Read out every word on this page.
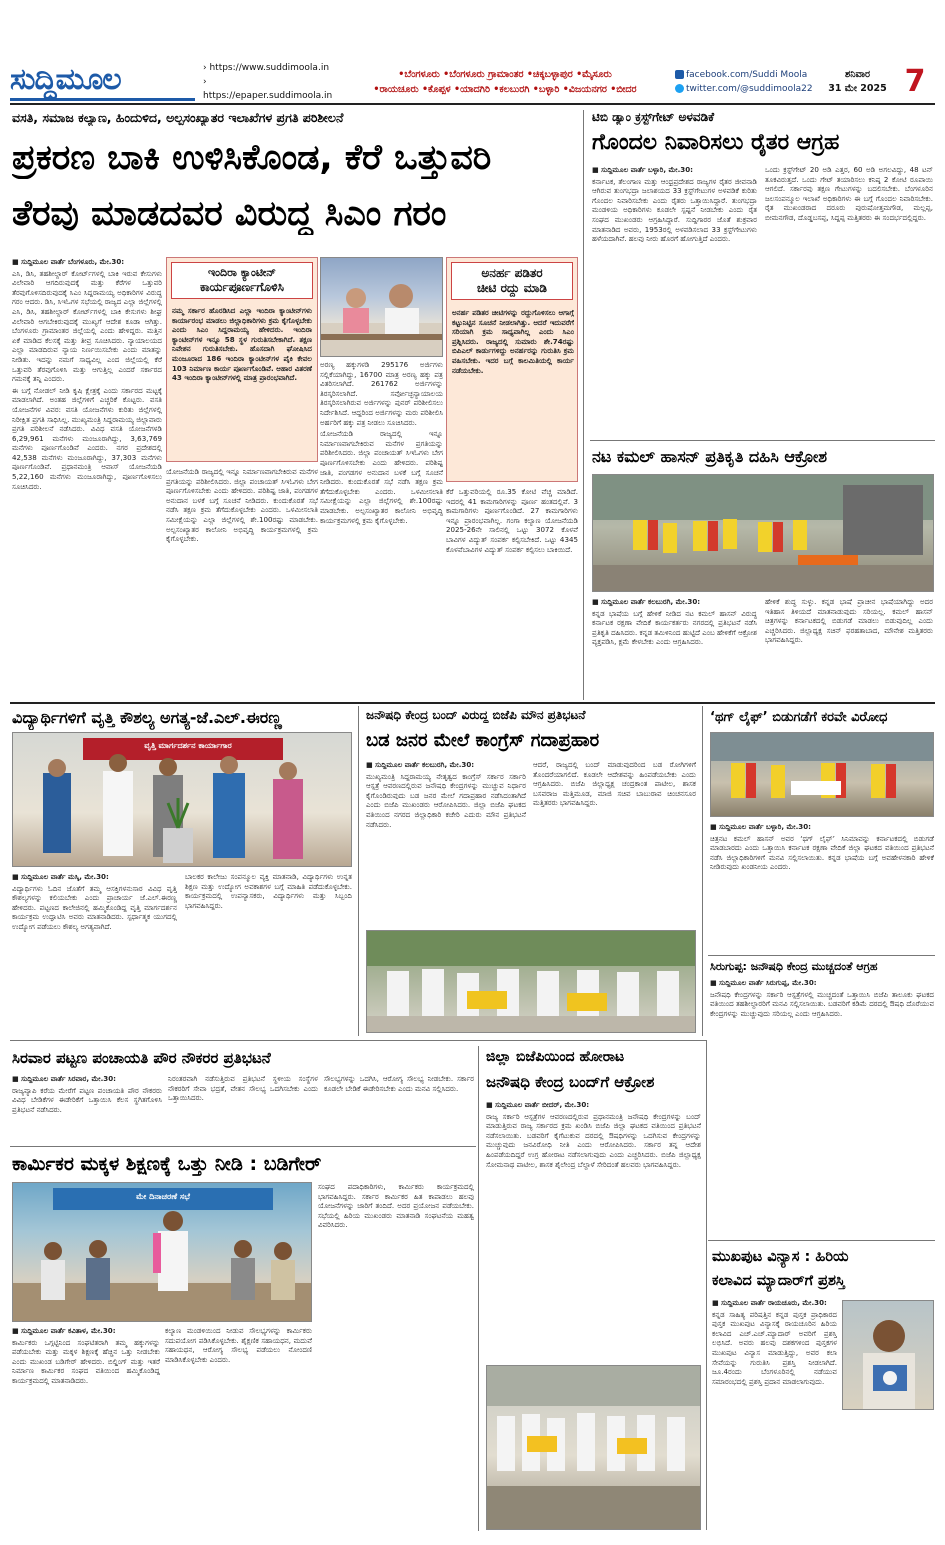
ಸುದ್ದಿಮೂಲ	› https://www.suddimoola.in
› https://epaper.suddimoola.in
•ಬೆಂಗಳೂರು •ಬೆಂಗಳೂರು ಗ್ರಾಮಾಂತರ •ಚಿಕ್ಕಬಳ್ಳಾಪುರ •ಮೈಸೂರು
•ರಾಯಚೂರು •ಕೊಪ್ಪಳ •ಯಾದಗಿರಿ •ಕಲಬುರಗಿ •ಬಳ್ಳಾರಿ •ವಿಜಯನಗರ •ಬೀದರ
facebook.com/Suddi Moola
twitter.com/@suddimoola22
ಶನಿವಾರ
31 ಮೇ 2025 7
ವಸತಿ, ಸಮಾಜ ಕಲ್ಯಾಣ, ಹಿಂದುಳಿದ, ಅಲ್ಪಸಂಖ್ಯಾತರ ಇಲಾಖೆಗಳ ಪ್ರಗತಿ ಪರಿಶೀಲನೆ
ಪ್ರಕರಣ ಬಾಕಿ ಉಳಿಸಿಕೊಂಡ, ಕೆರೆ ಒತ್ತುವರಿ
ತೆರವು ಮಾಡದವರ ವಿರುದ್ಧ ಸಿಎಂ ಗರಂ

■ ಸುದ್ದಿಮೂಲ ವಾರ್ತೆ ಬೆಂಗಳೂರು, ಮೇ.30:

ಎಸಿ, ಡಿಸಿ, ತಹಶೀಲ್ದಾರ್ ಕೋರ್ಟ್‌ಗಳಲ್ಲಿ ಬಾಕಿ ಇರುವ ಕೇಸುಗಳು ವಿಲೇವಾರಿ ಆಗದಿರುವುದಕ್ಕೆ ಮತ್ತು ಕೆರೆಗಳ ಒತ್ತುವರಿ ತೆರವುಗೊಳಿಸದಿರುವುದಕ್ಕೆ ಸಿಎಂ ಸಿದ್ದರಾಮಯ್ಯ ಅಧಿಕಾರಿಗಳ ವಿರುದ್ಧ ಗರಂ ಆದರು. ಡಿಸಿ, ಸಿಇಓಗಳ ಸಭೆಯಲ್ಲಿ ರಾಜ್ಯದ ಎಲ್ಲಾ ಜಿಲ್ಲೆಗಳಲ್ಲಿ ಎಸಿ, ಡಿಸಿ, ತಹಶೀಲ್ದಾರ್ ಕೋರ್ಟ್‌ಗಳಲ್ಲಿ ಬಾಕಿ ಕೇಸುಗಳು ಶೀಘ್ರ ವಿಲೇವಾರಿ ಆಗಬೇಕಿರುವುದಕ್ಕೆ ಮುಖ್ಯಗೆ ಆದೇಶ ಕೂಡಾ ಆಗಿತ್ತು. ಬೆಂಗಳೂರು ಗ್ರಾಮಾಂತರ ಜಿಲ್ಲೆಯಲ್ಲಿ ಎಂದು ಹೇಳಿದ್ದರು. ಮತ್ತಿನ ಏಕೆ ಮಾಡಿದ ಕೆಲಸಕ್ಕೆ ಮತ್ತು ತೀವ್ರ ಸೂಚಿಸಿದರು. ನ್ಯಾಯಾಲಯದ ಎಲ್ಲಾ ಮಾಡದಿರುವ ನ್ಯಾಯ ನಿರ್ಣಯಿಸಬೇಕು ಎಂದು ಮಾತನ್ನು ನೀಡಿತು. ಇದನ್ನು ನಮಗೆ ಸಾಧ್ಯವಿಲ್ಲ ಎಂದ ಜಿಲ್ಲೆಯಲ್ಲಿ ಕೆರೆ ಒತ್ತುವರಿ ತೆರವುಗೊಳಿಸಿ ಮತ್ತು ಆಗುತ್ತಿಲ್ಲ ಎಂದರೆ ಸರ್ಕಾರದ ಗಮನಕ್ಕೆ ತನ್ನಿ ಎಂದರು.

ಈ ಬಗ್ಗೆ ನೋಡಲ್ ನೀಡಿ ಕೃಷಿ ಕ್ಷೇತ್ರಕ್ಕೆ ಎಂದು ಸರ್ಕಾರದ ಮಟ್ಟಕ್ಕೆ ಮಾಡಲಾಗಿದೆ. ಅಂತಹ ಜಿಲ್ಲೆಗಳಿಗೆ ಎಚ್ಚರಿಕೆ ಕೊಟ್ಟರು. ವಸತಿ ಯೋಜನೆಗಳ ವಿವರ: ವಸತಿ ಯೋಜನೆಗಳು ಕುರಿತು ಜಿಲ್ಲೆಗಳಲ್ಲಿ ನಿರೀಕ್ಷಿತ ಪ್ರಗತಿ ಸಾಧಿಸಿಲ್ಲ. ಮುಖ್ಯಮಂತ್ರಿ ಸಿದ್ದರಾಮಯ್ಯ ಜಿಲ್ಲಾವಾರು ಪ್ರಗತಿ ಪರಿಶೀಲನೆ ನಡೆಸಿದರು. ವಿವಿಧ ವಸತಿ ಯೋಜನೆಗಳಡಿ 6,29,961 ಮನೆಗಳು ಮಂಜೂರಾಗಿದ್ದು, 3,63,769 ಮನೆಗಳು ಪೂರ್ಣಗೊಂಡಿವೆ ಎಂದರು. ನಗರ ಪ್ರದೇಶದಲ್ಲಿ 42,538 ಮನೆಗಳು ಮಂಜೂರಾಗಿದ್ದು, 37,303 ಮನೆಗಳು ಪೂರ್ಣಗೊಂಡಿವೆ. ಪ್ರಧಾನಮಂತ್ರಿ ಆವಾಸ್ ಯೋಜನೆಯಡಿ 5,22,160 ಮನೆಗಳು ಮಂಜೂರಾಗಿದ್ದು, ಪೂರ್ಣಗೊಳಿಸಲು ಸೂಚಿಸಿದರು.

ಇಂದಿರಾ ಕ್ಯಾಂಟೀನ್
ಕಾರ್ಯಪೂರ್ಣಗೊಳಿಸಿ
ನಮ್ಮ ಸರ್ಕಾರ ಹೊರಡಿಸಿದ ಎಲ್ಲಾ ಇಂದಿರಾ ಕ್ಯಾಂಟೀನ್‌ಗಳು ಕಾರ್ಯಾರಂಭ ಮಾಡಲು ಜಿಲ್ಲಾಧಿಕಾರಿಗಳು ಕ್ರಮ ಕೈಗೊಳ್ಳಬೇಕು ಎಂದು ಸಿಎಂ ಸಿದ್ದರಾಮಯ್ಯ ಹೇಳಿದರು. ಇಂದಿರಾ ಕ್ಯಾಂಟೀನ್‌ಗಳ ಇನ್ನೂ 58 ಸ್ಥಳ ಗುರುತಿಸಬೇಕಾಗಿದೆ. ತಕ್ಷಣ ನಿವೇಶನ ಗುರುತಿಸಬೇಕು. ಹೊಸದಾಗಿ ಘೋಷಿಸಿದ ಮಂಜೂರಾದ 186 ಇಂದಿರಾ ಕ್ಯಾಂಟೀನ್‌ಗಳ ಪೈಕಿ ಕೇವಲ 103 ನಿರ್ಮಾಣ ಕಾರ್ಯ ಪೂರ್ಣಗೊಂಡಿವೆ. ಆಹಾರ ವಿತರಣೆ 43 ಇಂದಿರಾ ಕ್ಯಾಂಟೀನ್‌ಗಳಲ್ಲಿ ಮಾತ್ರ ಪ್ರಾರಂಭವಾಗಿದೆ.

ಅರಣ್ಯ ಹಕ್ಕುಗಳಡಿ 295176 ಅರ್ಜಿಗಳು ಸಲ್ಲಿಕೆಯಾಗಿದ್ದು, 16700 ಮಾತ್ರ ಅರಣ್ಯ ಹಕ್ಕು ಪತ್ರ ವಿತರಿಸಲಾಗಿದೆ. 261762 ಅರ್ಜಿಗಳನ್ನು ತಿರಸ್ಕರಿಸಲಾಗಿದೆ. ಸರ್ವೋಚ್ಛನ್ಯಾಯಾಲಯ ತಿರಸ್ಕರಿಸಲಾಗಿರುವ ಅರ್ಜಿಗಳನ್ನು ಪುನರ್ ಪರಿಶೀಲಿಸಲು ನಿರ್ದೇಶಿಸಿದೆ. ಆದ್ದರಿಂದ ಅರ್ಜಿಗಳನ್ನು ಮರು ಪರಿಶೀಲಿಸಿ ಅರ್ಹರಿಗೆ ಹಕ್ಕು ಪತ್ರ ನೀಡಲು ಸೂಚಿಸಿದರು.

ಯೋಜನೆಯಡಿ ರಾಜ್ಯದಲ್ಲಿ ಇನ್ನೂ ನಿರ್ಮಾಣವಾಗಬೇಕಿರುವ ಮನೆಗಳ ಪ್ರಗತಿಯನ್ನು ಪರಿಶೀಲಿಸಿದರು. ಜಿಲ್ಲಾ ಪಂಚಾಯತ್ ಸಿಇಓಗಳು ಬೇಗ ಪೂರ್ಣಗೊಳಿಸಬೇಕು ಎಂದು ಹೇಳಿದರು. ಪರಿಶಿಷ್ಟ ಜಾತಿ, ಪಂಗಡಗಳ ಅನುದಾನ ಬಳಕೆ ಬಗ್ಗೆ ಸೂಚನೆ ನೀಡಿದರು. ಕುಂದುಕೊರತೆ ಸಭೆ ನಡೆಸಿ ತಕ್ಷಣ ಕ್ರಮ ತೆಗೆದುಕೊಳ್ಳಬೇಕು ಎಂದರು. ಒಳಮೀಸಲಾತಿ ಸಮೀಕ್ಷೆಯನ್ನು ಎಲ್ಲಾ ಜಿಲ್ಲೆಗಳಲ್ಲಿ ಶೇ.100ರಷ್ಟು ಮಾಡಬೇಕು. ಅಲ್ಪಸಂಖ್ಯಾತರ ಕಾಲೋನಿ ಅಭಿವೃದ್ಧಿ ಕಾರ್ಯಕ್ರಮಗಳಲ್ಲಿ ಕ್ರಮ ಕೈಗೊಳ್ಳಬೇಕು.

ಯೋಜನೆಯಡಿ ರಾಜ್ಯದಲ್ಲಿ ಇನ್ನೂ ನಿರ್ಮಾಣವಾಗಬೇಕಿರುವ ಮನೆಗಳ ಪ್ರಗತಿಯನ್ನು ಪರಿಶೀಲಿಸಿದರು. ಜಿಲ್ಲಾ ಪಂಚಾಯತ್ ಸಿಇಓಗಳು ಬೇಗ ಪೂರ್ಣಗೊಳಿಸಬೇಕು ಎಂದು ಹೇಳಿದರು. ಪರಿಶಿಷ್ಟ ಜಾತಿ, ಪಂಗಡಗಳ ಅನುದಾನ ಬಳಕೆ ಬಗ್ಗೆ ಸೂಚನೆ ನೀಡಿದರು. ಕುಂದುಕೊರತೆ ಸಭೆ ನಡೆಸಿ ತಕ್ಷಣ ಕ್ರಮ ತೆಗೆದುಕೊಳ್ಳಬೇಕು ಎಂದರು. ಒಳಮೀಸಲಾತಿ ಸಮೀಕ್ಷೆಯನ್ನು ಎಲ್ಲಾ ಜಿಲ್ಲೆಗಳಲ್ಲಿ ಶೇ.100ರಷ್ಟು ಮಾಡಬೇಕು. ಅಲ್ಪಸಂಖ್ಯಾತರ ಕಾಲೋನಿ ಅಭಿವೃದ್ಧಿ ಕಾರ್ಯಕ್ರಮಗಳಲ್ಲಿ ಕ್ರಮ ಕೈಗೊಳ್ಳಬೇಕು.

ಅನರ್ಹ ಪಡಿತರ
ಚೀಟಿ ರದ್ದು ಮಾಡಿ
ಅನರ್ಹ ಪಡಿತರ ಚೀಟಿಗಳನ್ನು ರದ್ದುಗೊಳಿಸಲು ಆಗಾಗ್ಗೆ ಕಟ್ಟುನಿಟ್ಟಿನ ಸೂಚನೆ ನೀಡಲಾಗಿತ್ತು. ಆದರೆ ಇದುವರೆಗೆ ಸರಿಯಾಗಿ ಕ್ರಮ ಸಾಧ್ಯವಾಗಿಲ್ಲ ಎಂದು ಸಿಎಂ ಪ್ರಶ್ನಿಸಿದರು. ರಾಜ್ಯದಲ್ಲಿ ಸುಮಾರು ಶೇ.74ರಷ್ಟು ಬಿಪಿಎಲ್ ಕಾರ್ಡುಗಳಿದ್ದು ಅನರ್ಹರನ್ನು ಗುರುತಿಸಿ ಕ್ರಮ ವಹಿಸಬೇಕು. ಇದರ ಬಗ್ಗೆ ಕಾಲಮಿತಿಯಲ್ಲಿ ಕಾರ್ಯ ನಡೆಯಬೇಕು.
ಕೆರೆ ಒತ್ತುವರಿಯಲ್ಲಿ ರೂ.35 ಕೋಟಿ ವೆಚ್ಚ ಮಾಡಿದೆ. ಇದರಲ್ಲಿ 41 ಕಾಮಗಾರಿಗಳನ್ನು ಪೂರ್ಣ ಹಂತದಲ್ಲಿವೆ. 3 ಕಾಮಗಾರಿಗಳು ಪೂರ್ಣಗೊಂಡಿದೆ. 27 ಕಾಮಗಾರಿಗಳು ಇನ್ನೂ ಪ್ರಾರಂಭವಾಗಿಲ್ಲ. ಗಂಗಾ ಕಲ್ಯಾಣ ಯೋಜನೆಯಡಿ 2025-26ನೇ ಸಾಲಿನಲ್ಲಿ ಒಟ್ಟು 3072 ಕೊಳವೆ ಬಾವಿಗಳ ವಿದ್ಯುತ್ ಸಂಪರ್ಕ ಕಲ್ಪಿಸಬೇಕಿದೆ. ಒಟ್ಟು 4345 ಕೊಳವೆಬಾವಿಗಳ ವಿದ್ಯುತ್ ಸಂಪರ್ಕ ಕಲ್ಪಿಸಲು ಬಾಕಿಯಿದೆ.
ಟಿಬಿ ಡ್ಯಾಂ ಕ್ರಸ್ಟ್‌ಗೇಟ್ ಅಳವಡಿಕೆ
ಗೊಂದಲ ನಿವಾರಿಸಲು ರೈತರ ಆಗ್ರಹ

■ ಸುದ್ದಿಮೂಲ ವಾರ್ತೆ ಬಳ್ಳಾರಿ, ಮೇ.30:

ಕರ್ನಾಟಕ, ತೆಲಂಗಾಣ ಮತ್ತು ಆಂಧ್ರಪ್ರದೇಶದ ರಾಜ್ಯಗಳ ರೈತರ ಜೀವನಾಡಿ ಆಗಿರುವ ತುಂಗಭದ್ರಾ ಜಲಾಶಯದ 33 ಕ್ರಸ್ಟ್‌ಗೇಟುಗಳ ಅಳವಡಿಕೆ ಕುರಿತು ಗೊಂದಲ ನಿವಾರಿಸಬೇಕು ಎಂದು ರೈತರು ಒತ್ತಾಯಿಸಿದ್ದಾರೆ. ತುಂಗಭದ್ರಾ ಮಂಡಳಿಯ ಅಧಿಕಾರಿಗಳು ಕೂಡಲೇ ಸ್ಪಷ್ಟನೆ ನೀಡಬೇಕು ಎಂದು ರೈತ ಸಂಘದ ಮುಖಂಡರು ಆಗ್ರಹಿಸಿದ್ದಾರೆ. ಸುದ್ದಿಗಾರರ ಜೊತೆ ಶುಕ್ರವಾರ ಮಾತನಾಡಿದ ಅವರು, 1953ರಲ್ಲಿ ಅಳವಡಿಸಲಾದ 33 ಕ್ರಸ್ಟ್‌ಗೇಟುಗಳು ಹಳೆಯದಾಗಿವೆ. ಹಲವು ನೀರು ಹೊರಗೆ ಹೋಗುತ್ತಿದೆ ಎಂದರು.

ಒಂದು ಕ್ರಸ್ಟ್‌ಗೇಟ್ 20 ಅಡಿ ಎತ್ತರ, 60 ಅಡಿ ಅಗಲವಿದ್ದು, 48 ಟನ್ ತೂಕವಿರುತ್ತದೆ. ಒಂದು ಗೇಟ್ ತಯಾರಿಸಲು ಕನಿಷ್ಠ 2 ಕೋಟಿ ರೂಪಾಯಿ ಆಗಲಿದೆ. ಸರ್ಕಾರವು ತಕ್ಷಣ ಗೇಟುಗಳನ್ನು ಬದಲಿಸಬೇಕು. ಬೆಂಗಳೂರಿನ ಜಲಸಂಪನ್ಮೂಲ ಇಲಾಖೆ ಅಧಿಕಾರಿಗಳು ಈ ಬಗ್ಗೆ ಗೊಂದಲ ನಿವಾರಿಸಬೇಕು. ರೈತ ಮುಖಂಡರಾದ ದರೂರು ಪುರುಷೋತ್ತಮಗೌಡ, ಮಲ್ಲಪ್ಪ, ಬೀಮನಗೌಡ, ದೊಡ್ಡಬಸಪ್ಪ, ಸಿದ್ದಪ್ಪ ಮತ್ತಿತರರು ಈ ಸಂದರ್ಭದಲ್ಲಿದ್ದರು.
ನಟ ಕಮಲ್ ಹಾಸನ್ ಪ್ರತಿಕೃತಿ ದಹಿಸಿ ಆಕ್ರೋಶ

■ ಸುದ್ದಿಮೂಲ ವಾರ್ತೆ ಕಲಬುರಗಿ, ಮೇ.30:

ಕನ್ನಡ ಭಾಷೆಯ ಬಗ್ಗೆ ಹೇಳಿಕೆ ನೀಡಿದ ನಟ ಕಮಲ್ ಹಾಸನ್ ವಿರುದ್ಧ ಕರ್ನಾಟಕ ರಕ್ಷಣಾ ವೇದಿಕೆ ಕಾರ್ಯಕರ್ತರು ನಗರದಲ್ಲಿ ಪ್ರತಿಭಟನೆ ನಡೆಸಿ ಪ್ರತಿಕೃತಿ ದಹಿಸಿದರು. ಕನ್ನಡ ತಮಿಳಿನಿಂದ ಹುಟ್ಟಿದೆ ಎಂಬ ಹೇಳಿಕೆಗೆ ಆಕ್ರೋಶ ವ್ಯಕ್ತಪಡಿಸಿ, ಕ್ಷಮೆ ಕೇಳಬೇಕು ಎಂದು ಆಗ್ರಹಿಸಿದರು.

ಹೇಳಿಕೆ ಶುದ್ಧ ಸುಳ್ಳು. ಕನ್ನಡ ಭಾಷೆ ಪ್ರಾಚೀನ ಭಾಷೆಯಾಗಿದ್ದು ಅದರ ಇತಿಹಾಸ ತಿಳಿಯದೆ ಮಾತನಾಡುವುದು ಸರಿಯಲ್ಲ. ಕಮಲ್ ಹಾಸನ್ ಚಿತ್ರಗಳನ್ನು ಕರ್ನಾಟಕದಲ್ಲಿ ಬಿಡುಗಡೆ ಮಾಡಲು ಬಿಡುವುದಿಲ್ಲ ಎಂದು ಎಚ್ಚರಿಸಿದರು. ಜಿಲ್ಲಾಧ್ಯಕ್ಷ ಸಚಿನ್ ಫರಹತಾಬಾದ, ಮೌನೇಶ ಮತ್ತಿತರರು ಭಾಗವಹಿಸಿದ್ದರು.
ವಿದ್ಯಾರ್ಥಿಗಳಿಗೆ ವೃತ್ತಿ ಕೌಶಲ್ಯ ಅಗತ್ಯ-ಜೆ.ಎಲ್.ಈರಣ್ಣ
ವೃತ್ತಿ ಮಾರ್ಗದರ್ಶನ ಕಾರ್ಯಾಗಾರ

■ ಸುದ್ದಿಮೂಲ ವಾರ್ತೆ ಮಸ್ಕಿ, ಮೇ.30:

ವಿದ್ಯಾರ್ಥಿಗಳು ಓದಿನ ಜೊತೆಗೆ ತಮ್ಮ ಆಸಕ್ತಿಗಳನುಸಾರ ವಿವಿಧ ವೃತ್ತಿ ಕೌಶಲ್ಯಗಳನ್ನು ಕಲಿಯಬೇಕು ಎಂದು ಪ್ರಾಚಾರ್ಯ ಜೆ.ಎಲ್.ಈರಣ್ಣ ಹೇಳಿದರು. ಪಟ್ಟಣದ ಕಾಲೇಜಿನಲ್ಲಿ ಹಮ್ಮಿಕೊಂಡಿದ್ದ ವೃತ್ತಿ ಮಾರ್ಗದರ್ಶನ ಕಾರ್ಯಕ್ರಮ ಉದ್ಘಾಟಿಸಿ ಅವರು ಮಾತನಾಡಿದರು. ಸ್ಪರ್ಧಾತ್ಮಕ ಯುಗದಲ್ಲಿ ಉದ್ಯೋಗ ಪಡೆಯಲು ಕೌಶಲ್ಯ ಅಗತ್ಯವಾಗಿದೆ.

ಬಾಲಕರ ಕಾಲೇಜು ಸಂಪನ್ಮೂಲ ವ್ಯಕ್ತಿ ಮಾತನಾಡಿ, ವಿದ್ಯಾರ್ಥಿಗಳು ಉನ್ನತ ಶಿಕ್ಷಣ ಮತ್ತು ಉದ್ಯೋಗ ಅವಕಾಶಗಳ ಬಗ್ಗೆ ಮಾಹಿತಿ ಪಡೆದುಕೊಳ್ಳಬೇಕು. ಕಾರ್ಯಕ್ರಮದಲ್ಲಿ ಉಪನ್ಯಾಸಕರು, ವಿದ್ಯಾರ್ಥಿಗಳು ಮತ್ತು ಸಿಬ್ಬಂದಿ ಭಾಗವಹಿಸಿದ್ದರು.
ಜನೌಷಧಿ ಕೇಂದ್ರ ಬಂದ್ ವಿರುದ್ಧ ಬಿಜೆಪಿ ಮೌನ ಪ್ರತಿಭಟನೆ
ಬಡ ಜನರ ಮೇಲೆ ಕಾಂಗ್ರೆಸ್ ಗದಾಪ್ರಹಾರ

■ ಸುದ್ದಿಮೂಲ ವಾರ್ತೆ ಕಲಬುರಗಿ, ಮೇ.30:

ಮುಖ್ಯಮಂತ್ರಿ ಸಿದ್ದರಾಮಯ್ಯ ನೇತೃತ್ವದ ಕಾಂಗ್ರೆಸ್ ಸರ್ಕಾರ ಸರ್ಕಾರಿ ಆಸ್ಪತ್ರೆ ಆವರಣದಲ್ಲಿರುವ ಜನೌಷಧಿ ಕೇಂದ್ರಗಳನ್ನು ಮುಚ್ಚುವ ನಿರ್ಧಾರ ಕೈಗೊಂಡಿರುವುದು ಬಡ ಜನರ ಮೇಲೆ ಗದಾಪ್ರಹಾರ ನಡೆಸಿದಂತಾಗಿದೆ ಎಂದು ಬಿಜೆಪಿ ಮುಖಂಡರು ಆರೋಪಿಸಿದರು. ಜಿಲ್ಲಾ ಬಿಜೆಪಿ ಘಟಕದ ವತಿಯಿಂದ ನಗರದ ಜಿಲ್ಲಾಧಿಕಾರಿ ಕಚೇರಿ ಎದುರು ಮೌನ ಪ್ರತಿಭಟನೆ ನಡೆಸಿದರು.

ಆದರೆ, ರಾಜ್ಯದಲ್ಲಿ ಬಂದ್ ಮಾಡುವುದರಿಂದ ಬಡ ರೋಗಿಗಳಿಗೆ ತೊಂದರೆಯಾಗಲಿದೆ. ಕೂಡಲೇ ಆದೇಶವನ್ನು ಹಿಂಪಡೆಯಬೇಕು ಎಂದು ಆಗ್ರಹಿಸಿದರು. ಬಿಜೆಪಿ ಜಿಲ್ಲಾಧ್ಯಕ್ಷ ಚಂದ್ರಕಾಂತ ಪಾಟೀಲ, ಶಾಸಕ ಬಸವರಾಜ ಮತ್ತಿಮೂಡ, ಮಾಜಿ ಸಚಿವ ಬಾಬುರಾವ ಚಿಂಚನಸೂರ ಮತ್ತಿತರರು ಭಾಗವಹಿಸಿದ್ದರು.
‘ಥಗ್ ಲೈಫ್’ ಬಿಡುಗಡೆಗೆ ಕರವೇ ವಿರೋಧ

■ ಸುದ್ದಿಮೂಲ ವಾರ್ತೆ ಬಳ್ಳಾರಿ, ಮೇ.30:

ಚಿತ್ರನಟ ಕಮಲ್ ಹಾಸನ್ ಅವರ ‘ಥಗ್ ಲೈಫ್’ ಸಿನಿಮಾವನ್ನು ಕರ್ನಾಟಕದಲ್ಲಿ ಬಿಡುಗಡೆ ಮಾಡಬಾರದು ಎಂದು ಒತ್ತಾಯಿಸಿ ಕರ್ನಾಟಕ ರಕ್ಷಣಾ ವೇದಿಕೆ ಜಿಲ್ಲಾ ಘಟಕದ ವತಿಯಿಂದ ಪ್ರತಿಭಟನೆ ನಡೆಸಿ ಜಿಲ್ಲಾಧಿಕಾರಿಗಳಿಗೆ ಮನವಿ ಸಲ್ಲಿಸಲಾಯಿತು. ಕನ್ನಡ ಭಾಷೆಯ ಬಗ್ಗೆ ಅವಹೇಳನಕಾರಿ ಹೇಳಿಕೆ ನೀಡಿರುವುದು ಖಂಡನೀಯ ಎಂದರು.

ಸಿರುಗುಪ್ಪ: ಜನೌಷಧಿ ಕೇಂದ್ರ ಮುಚ್ಚದಂತೆ ಆಗ್ರಹ

■ ಸುದ್ದಿಮೂಲ ವಾರ್ತೆ ಸಿರುಗುಪ್ಪ, ಮೇ.30:

ಜನೌಷಧಿ ಕೇಂದ್ರಗಳನ್ನು ಸರ್ಕಾರಿ ಆಸ್ಪತ್ರೆಗಳಲ್ಲಿ ಮುಚ್ಚದಂತೆ ಒತ್ತಾಯಿಸಿ ಬಿಜೆಪಿ ತಾಲೂಕು ಘಟಕದ ವತಿಯಿಂದ ತಹಶೀಲ್ದಾರರಿಗೆ ಮನವಿ ಸಲ್ಲಿಸಲಾಯಿತು. ಬಡವರಿಗೆ ಕಡಿಮೆ ದರದಲ್ಲಿ ಔಷಧಿ ದೊರೆಯುವ ಕೇಂದ್ರಗಳನ್ನು ಮುಚ್ಚುವುದು ಸರಿಯಲ್ಲ ಎಂದು ಆಗ್ರಹಿಸಿದರು.

ಸಿರವಾರ ಪಟ್ಟಣ ಪಂಚಾಯತಿ ಪೌರ ನೌಕರರ ಪ್ರತಿಭಟನೆ

■ ಸುದ್ದಿಮೂಲ ವಾರ್ತೆ ಸಿರವಾರ, ಮೇ.30:

ರಾಜ್ಯವ್ಯಾಪಿ ಕರೆಯ ಮೇರೆಗೆ ಪಟ್ಟಣ ಪಂಚಾಯತಿ ಪೌರ ನೌಕರರು ವಿವಿಧ ಬೇಡಿಕೆಗಳ ಈಡೇರಿಕೆಗೆ ಒತ್ತಾಯಿಸಿ ಕೆಲಸ ಸ್ಥಗಿತಗೊಳಿಸಿ ಪ್ರತಿಭಟನೆ ನಡೆಸಿದರು.

ನಿರಂತರವಾಗಿ ನಡೆಸುತ್ತಿರುವ ಪ್ರತಿಭಟನೆ ಸ್ಥಳೀಯ ಸಂಸ್ಥೆಗಳ ನೌಕರರಿಗೆ ಸೇವಾ ಭದ್ರತೆ, ವೇತನ ಸೌಲಭ್ಯ ಒದಗಿಸಬೇಕು ಎಂದು ಒತ್ತಾಯಿಸಿದರು.
ಸೌಲಭ್ಯಗಳನ್ನು ಒದಗಿಸಿ, ಆರೋಗ್ಯ ಸೌಲಭ್ಯ ನೀಡಬೇಕು. ಸರ್ಕಾರ ಕೂಡಲೇ ಬೇಡಿಕೆ ಈಡೇರಿಸಬೇಕು ಎಂದು ಮನವಿ ಸಲ್ಲಿಸಿದರು.
ಕಾರ್ಮಿಕರ ಮಕ್ಕಳ ಶಿಕ್ಷಣಕ್ಕೆ ಒತ್ತು ನೀಡಿ : ಬಡಿಗೇರ್
ಮೇ ದಿನಾಚರಣೆ ಸಭೆ
ಸಂಘದ ಪದಾಧಿಕಾರಿಗಳು, ಕಾರ್ಮಿಕರು ಕಾರ್ಯಕ್ರಮದಲ್ಲಿ ಭಾಗವಹಿಸಿದ್ದರು. ಸರ್ಕಾರ ಕಾರ್ಮಿಕರ ಹಿತ ಕಾಪಾಡಲು ಹಲವು ಯೋಜನೆಗಳನ್ನು ಜಾರಿಗೆ ತಂದಿದೆ. ಅದರ ಪ್ರಯೋಜನ ಪಡೆಯಬೇಕು. ಸಭೆಯಲ್ಲಿ ಹಿರಿಯ ಮುಖಂಡರು ಮಾತನಾಡಿ ಸಂಘಟನೆಯ ಮಹತ್ವ ವಿವರಿಸಿದರು.

■ ಸುದ್ದಿಮೂಲ ವಾರ್ತೆ ಕವಿತಾಳ, ಮೇ.30:

ಕಾರ್ಮಿಕರು ಒಗ್ಗಟ್ಟಿನಿಂದ ಸಂಘಟಿತರಾಗಿ ತಮ್ಮ ಹಕ್ಕುಗಳನ್ನು ಪಡೆಯಬೇಕು ಮತ್ತು ಮಕ್ಕಳ ಶಿಕ್ಷಣಕ್ಕೆ ಹೆಚ್ಚಿನ ಒತ್ತು ನೀಡಬೇಕು ಎಂದು ಮುಖಂಡ ಬಡಿಗೇರ್ ಹೇಳಿದರು. ಬಿಲ್ಡಿಂಗ್ ಮತ್ತು ಇತರೆ ನಿರ್ಮಾಣ ಕಾರ್ಮಿಕರ ಸಂಘದ ವತಿಯಿಂದ ಹಮ್ಮಿಕೊಂಡಿದ್ದ ಕಾರ್ಯಕ್ರಮದಲ್ಲಿ ಮಾತನಾಡಿದರು.

ಕಲ್ಯಾಣ ಮಂಡಳಿಯಿಂದ ನೀಡುವ ಸೌಲಭ್ಯಗಳನ್ನು ಕಾರ್ಮಿಕರು ಸದುಪಯೋಗ ಪಡಿಸಿಕೊಳ್ಳಬೇಕು. ಶೈಕ್ಷಣಿಕ ಸಹಾಯಧನ, ಮದುವೆ ಸಹಾಯಧನ, ಆರೋಗ್ಯ ಸೌಲಭ್ಯ ಪಡೆಯಲು ನೋಂದಣಿ ಮಾಡಿಸಿಕೊಳ್ಳಬೇಕು ಎಂದರು.
ಜಿಲ್ಲಾ ಬಿಜೆಪಿಯಿಂದ ಹೋರಾಟ
ಜನೌಷಧಿ ಕೇಂದ್ರ ಬಂದ್‌ಗೆ ಆಕ್ರೋಶ

■ ಸುದ್ದಿಮೂಲ ವಾರ್ತೆ ಬೀದರ್, ಮೇ.30:

ರಾಜ್ಯ ಸರ್ಕಾರಿ ಆಸ್ಪತ್ರೆಗಳ ಆವರಣದಲ್ಲಿರುವ ಪ್ರಧಾನಮಂತ್ರಿ ಜನೌಷಧಿ ಕೇಂದ್ರಗಳನ್ನು ಬಂದ್ ಮಾಡುತ್ತಿರುವ ರಾಜ್ಯ ಸರ್ಕಾರದ ಕ್ರಮ ಖಂಡಿಸಿ ಬಿಜೆಪಿ ಜಿಲ್ಲಾ ಘಟಕದ ವತಿಯಿಂದ ಪ್ರತಿಭಟನೆ ನಡೆಸಲಾಯಿತು. ಬಡವರಿಗೆ ಕೈಗೆಟುಕುವ ದರದಲ್ಲಿ ಔಷಧಿಗಳನ್ನು ಒದಗಿಸುವ ಕೇಂದ್ರಗಳನ್ನು ಮುಚ್ಚುವುದು ಜನವಿರೋಧಿ ನೀತಿ ಎಂದು ಆರೋಪಿಸಿದರು. ಸರ್ಕಾರ ತನ್ನ ಆದೇಶ ಹಿಂಪಡೆಯದಿದ್ದರೆ ಉಗ್ರ ಹೋರಾಟ ನಡೆಸಲಾಗುವುದು ಎಂದು ಎಚ್ಚರಿಸಿದರು. ಬಿಜೆಪಿ ಜಿಲ್ಲಾಧ್ಯಕ್ಷ ಸೋಮನಾಥ ಪಾಟೀಲ, ಶಾಸಕ ಶೈಲೇಂದ್ರ ಬೆಲ್ದಾಳೆ ಸೇರಿದಂತೆ ಹಲವರು ಭಾಗವಹಿಸಿದ್ದರು.

ಮುಖಪುಟ ವಿನ್ಯಾಸ : ಹಿರಿಯ
ಕಲಾವಿದ ಮ್ಯಾದಾರ್‌ಗೆ ಪ್ರಶಸ್ತಿ

■ ಸುದ್ದಿಮೂಲ ವಾರ್ತೆ ರಾಯಚೂರು, ಮೇ.30:

ಕನ್ನಡ ಸಾಹಿತ್ಯ ಪರಿಷತ್ತಿನ ಕನ್ನಡ ಪುಸ್ತಕ ಪ್ರಾಧಿಕಾರದ ಪುಸ್ತಕ ಮುಖಪುಟ ವಿನ್ಯಾಸಕ್ಕೆ ರಾಯಚೂರಿನ ಹಿರಿಯ ಕಲಾವಿದ ಎಚ್.ಎಚ್.ಮ್ಯಾದಾರ್ ಅವರಿಗೆ ಪ್ರಶಸ್ತಿ ಲಭಿಸಿದೆ. ಅವರು ಹಲವು ದಶಕಗಳಿಂದ ಪುಸ್ತಕಗಳ ಮುಖಪುಟ ವಿನ್ಯಾಸ ಮಾಡುತ್ತಿದ್ದು, ಅವರ ಕಲಾ ಸೇವೆಯನ್ನು ಗುರುತಿಸಿ ಪ್ರಶಸ್ತಿ ನೀಡಲಾಗಿದೆ. ಜೂ.4ರಂದು ಬೆಂಗಳೂರಿನಲ್ಲಿ ನಡೆಯುವ ಸಮಾರಂಭದಲ್ಲಿ ಪ್ರಶಸ್ತಿ ಪ್ರದಾನ ಮಾಡಲಾಗುವುದು.
